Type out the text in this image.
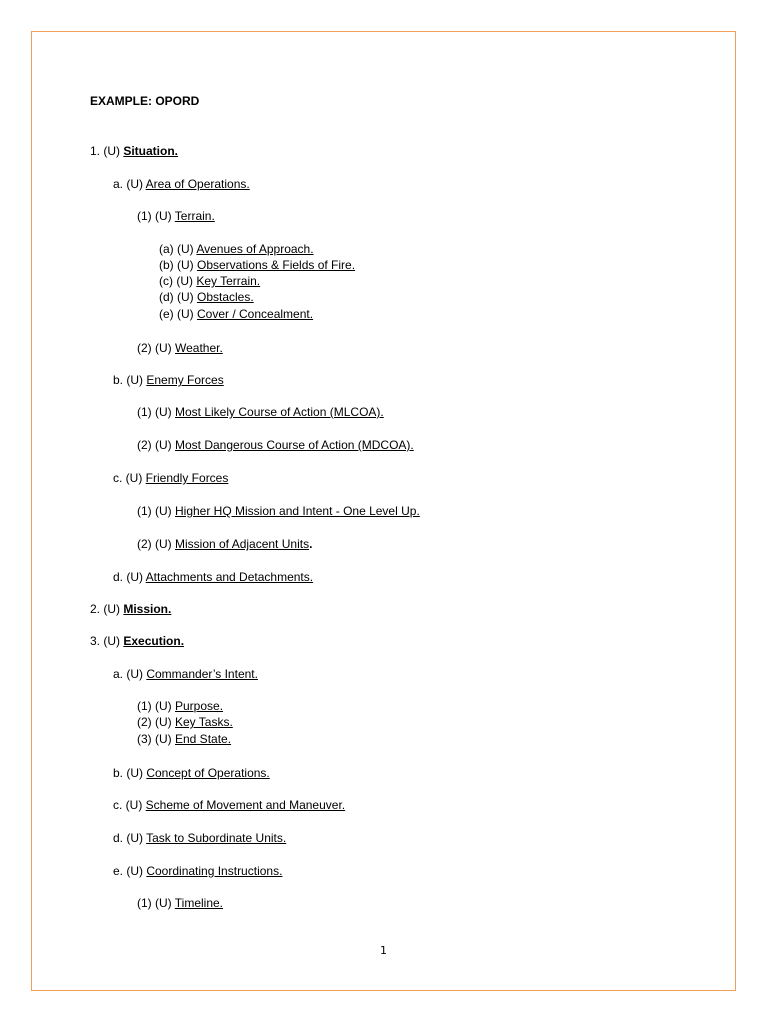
EXAMPLE: OPORD
1. (U) Situation.
a. (U) Area of Operations.
(1) (U) Terrain.
(a) (U) Avenues of Approach.
(b) (U) Observations & Fields of Fire.
(c) (U) Key Terrain.
(d) (U) Obstacles.
(e) (U) Cover / Concealment.
(2) (U) Weather.
b. (U) Enemy Forces
(1) (U) Most Likely Course of Action (MLCOA).
(2) (U) Most Dangerous Course of Action (MDCOA).
c. (U) Friendly Forces
(1) (U) Higher HQ Mission and Intent - One Level Up.
(2) (U) Mission of Adjacent Units.
d. (U) Attachments and Detachments.
2. (U) Mission.
3. (U) Execution.
a. (U) Commander’s Intent.
(1) (U) Purpose.
(2) (U) Key Tasks.
(3) (U) End State.
b. (U) Concept of Operations.
c. (U) Scheme of Movement and Maneuver.
d. (U) Task to Subordinate Units.
e. (U) Coordinating Instructions.
(1) (U) Timeline.
1
